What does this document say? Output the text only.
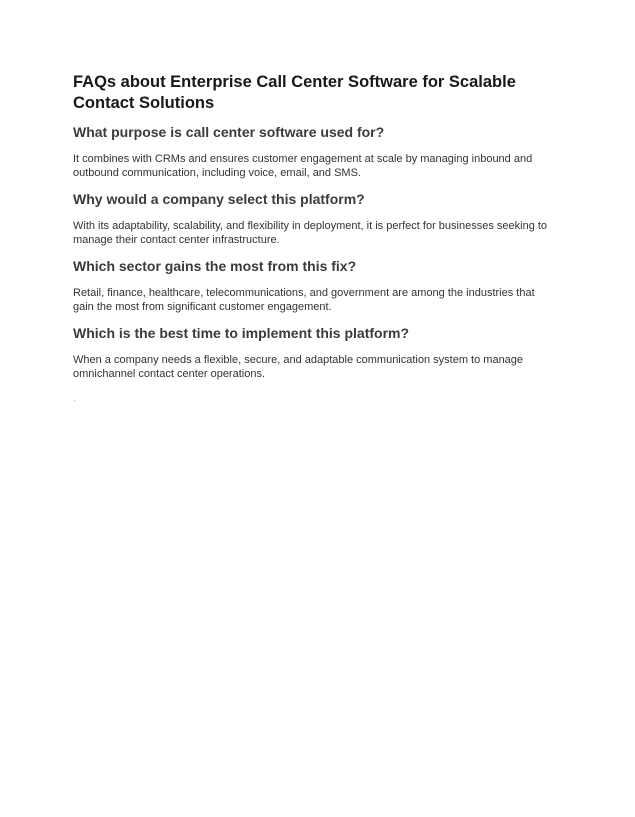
FAQs about Enterprise Call Center Software for Scalable Contact Solutions
What purpose is call center software used for?

It combines with CRMs and ensures customer engagement at scale by managing inbound and outbound communication, including voice, email, and SMS.

Why would a company select this platform?

With its adaptability, scalability, and flexibility in deployment, it is perfect for businesses seeking to manage their contact center infrastructure.

Which sector gains the most from this fix?

Retail, finance, healthcare, telecommunications, and government are among the industries that gain the most from significant customer engagement.

Which is the best time to implement this platform?

When a company needs a flexible, secure, and adaptable communication system to manage omnichannel contact center operations.

.
